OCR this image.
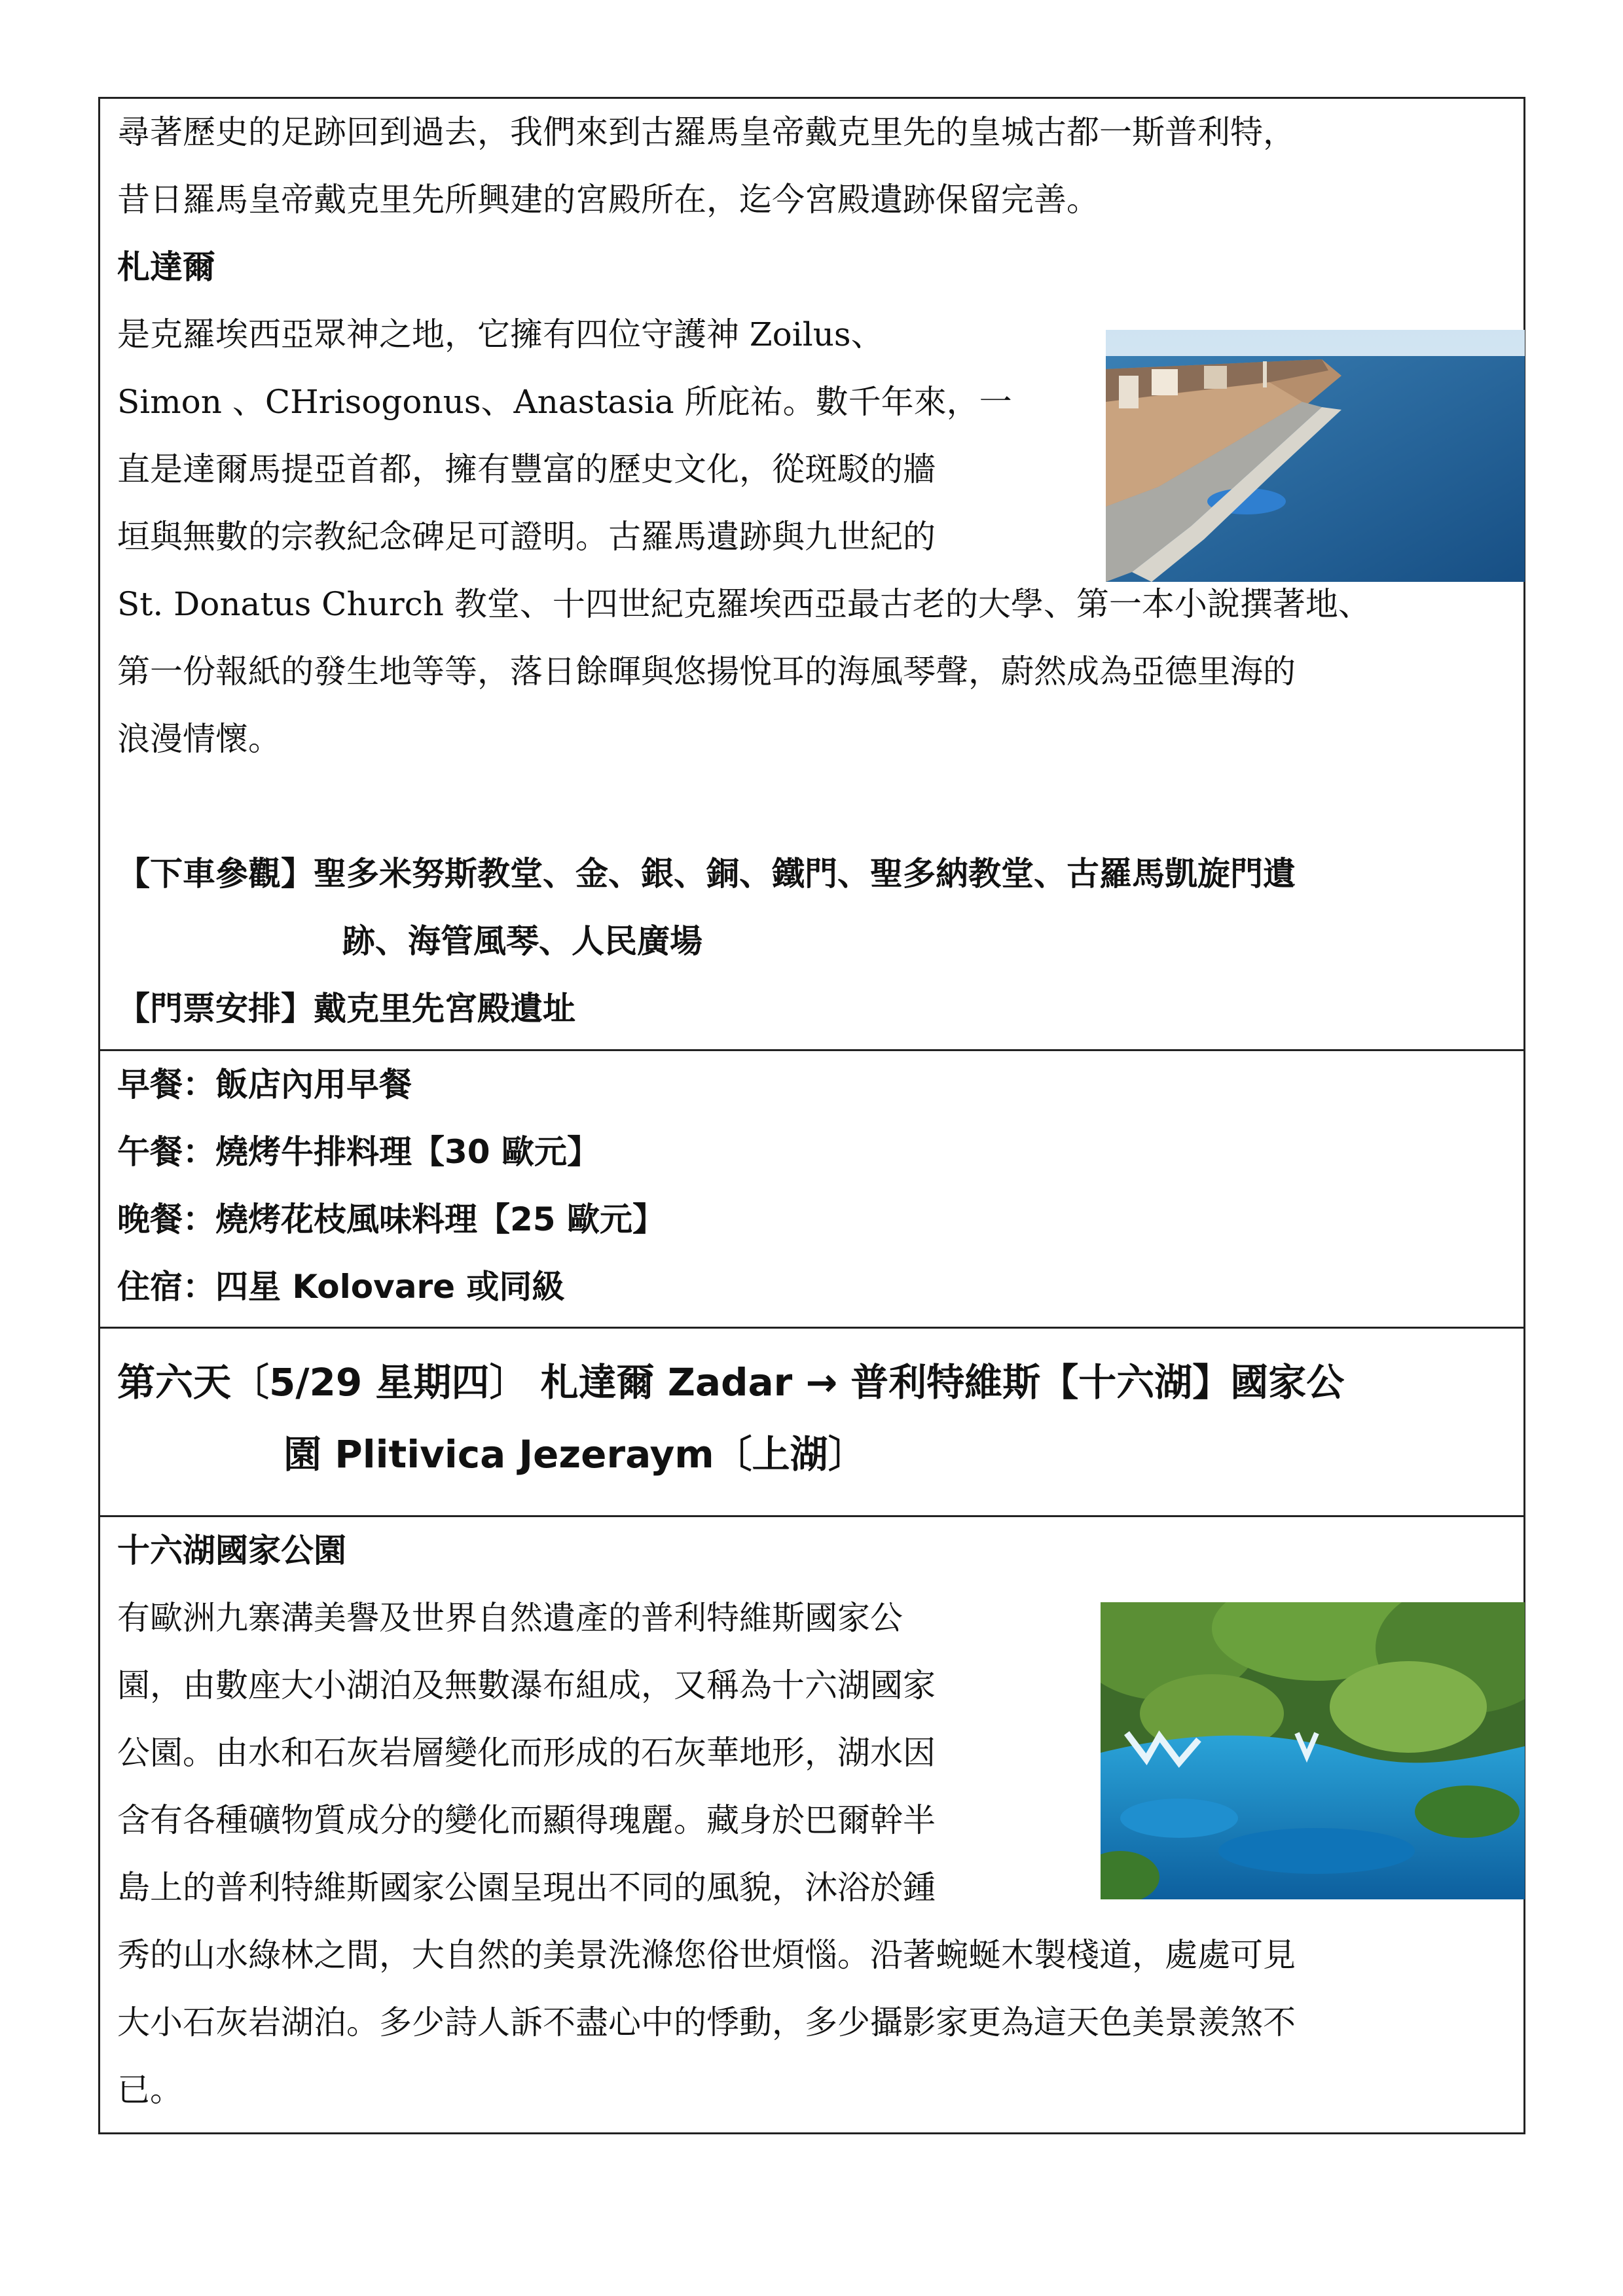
尋著歷史的足跡回到過去，我們來到古羅馬皇帝戴克里先的皇城古都一斯普利特，
昔日羅馬皇帝戴克里先所興建的宮殿所在，迄今宮殿遺跡保留完善。
札達爾
是克羅埃西亞眾神之地，它擁有四位守護神 Zoilus、
Simon 、CHrisogonus、Anastasia 所庇祐。數千年來，一
直是達爾馬提亞首都，擁有豐富的歷史文化，從斑駁的牆
垣與無數的宗教紀念碑足可證明。古羅馬遺跡與九世紀的
St. Donatus Church 教堂、十四世紀克羅埃西亞最古老的大學、第一本小說撰著地、
第一份報紙的發生地等等，落日餘暉與悠揚悅耳的海風琴聲，蔚然成為亞德里海的
浪漫情懷。
【下車參觀】聖多米努斯教堂、金、銀、銅、鐵門、聖多納教堂、古羅馬凱旋門遺
跡、海管風琴、人民廣場
【門票安排】戴克里先宮殿遺址
早餐：飯店內用早餐
午餐：燒烤牛排料理【30 歐元】
晚餐：燒烤花枝風味料理【25 歐元】
住宿：四星 Kolovare 或同級
第六天〔5/29 星期四〕 札達爾 Zadar → 普利特維斯【十六湖】國家公
園 Plitivica Jezeraym〔上湖〕
十六湖國家公園
有歐洲九寨溝美譽及世界自然遺產的普利特維斯國家公
園，由數座大小湖泊及無數瀑布組成，又稱為十六湖國家
公園。由水和石灰岩層變化而形成的石灰華地形，湖水因
含有各種礦物質成分的變化而顯得瑰麗。藏身於巴爾幹半
島上的普利特維斯國家公園呈現出不同的風貌，沐浴於鍾
秀的山水綠林之間，大自然的美景洗滌您俗世煩惱。沿著蜿蜒木製棧道，處處可見
大小石灰岩湖泊。多少詩人訴不盡心中的悸動，多少攝影家更為這天色美景羨煞不
已。
